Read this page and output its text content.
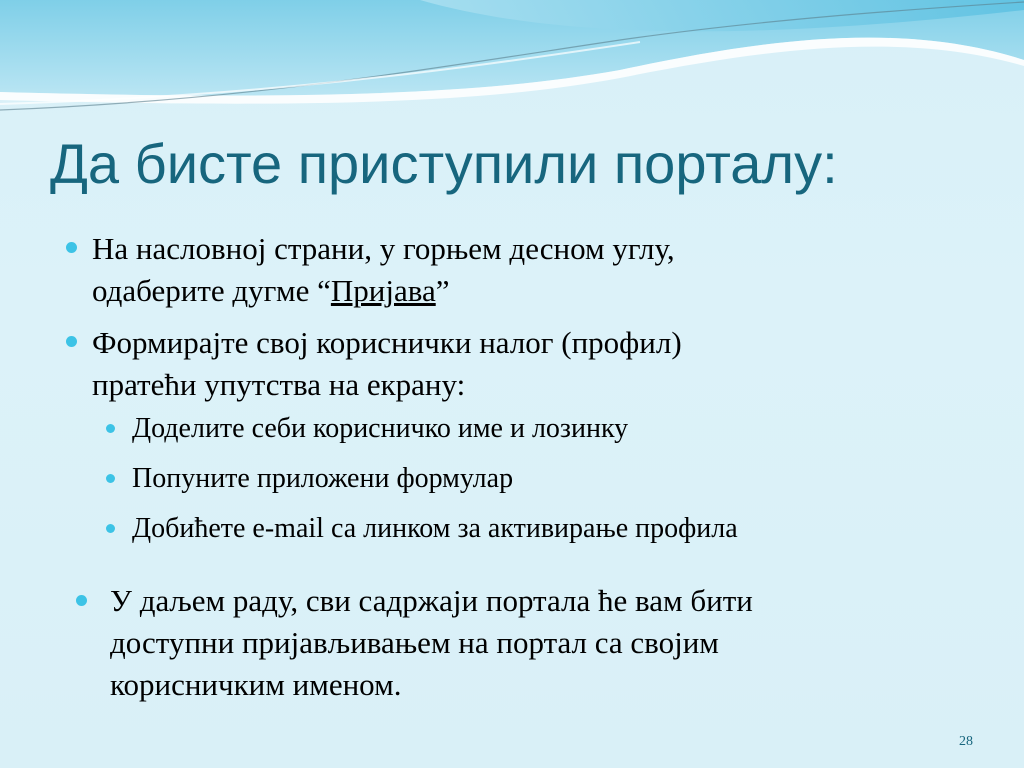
Да бисте приступили порталу:
На насловној страни, у горњем десном углу,
одаберите дугме “Пријава”
Формирајте свој кориснички налог (профил)
пратећи упутства на екрану:
Доделите себи корисничко име и лозинку
Попуните приложени формулар
Добићете e-mail са линком за активирање профила
У даљем раду, сви садржаји портала ће вам бити
доступни пријављивањем на портал са својим
корисничким именом.
28
